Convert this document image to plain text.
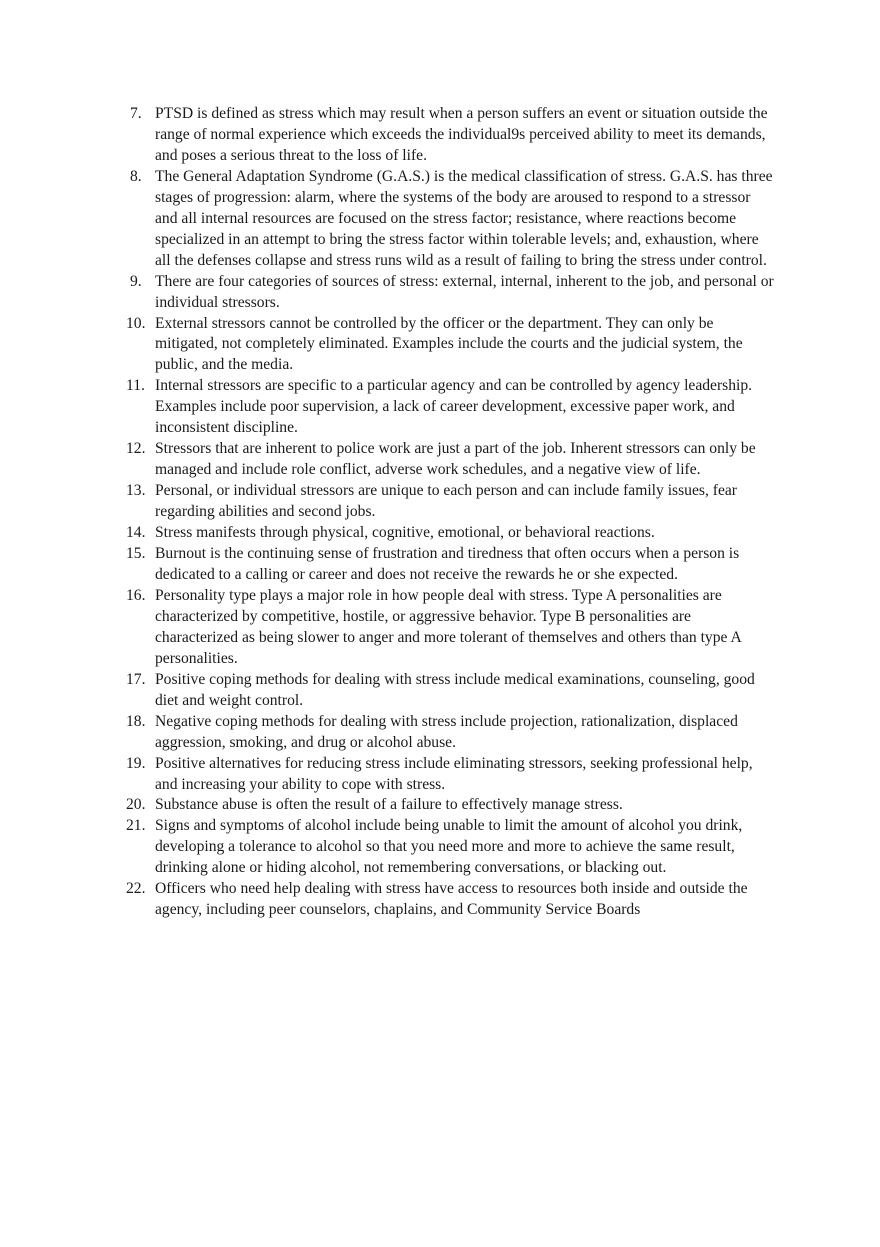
7. PTSD is defined as stress which may result when a person suffers an event or situation outside the range of normal experience which exceeds the individual9s perceived ability to meet its demands, and poses a serious threat to the loss of life.
8. The General Adaptation Syndrome (G.A.S.) is the medical classification of stress. G.A.S. has three stages of progression: alarm, where the systems of the body are aroused to respond to a stressor and all internal resources are focused on the stress factor; resistance, where reactions become specialized in an attempt to bring the stress factor within tolerable levels; and, exhaustion, where all the defenses collapse and stress runs wild as a result of failing to bring the stress under control.
9. There are four categories of sources of stress: external, internal, inherent to the job, and personal or individual stressors.
10. External stressors cannot be controlled by the officer or the department. They can only be mitigated, not completely eliminated. Examples include the courts and the judicial system, the public, and the media.
11. Internal stressors are specific to a particular agency and can be controlled by agency leadership. Examples include poor supervision, a lack of career development, excessive paper work, and inconsistent discipline.
12. Stressors that are inherent to police work are just a part of the job. Inherent stressors can only be managed and include role conflict, adverse work schedules, and a negative view of life.
13. Personal, or individual stressors are unique to each person and can include family issues, fear regarding abilities and second jobs.
14. Stress manifests through physical, cognitive, emotional, or behavioral reactions.
15. Burnout is the continuing sense of frustration and tiredness that often occurs when a person is dedicated to a calling or career and does not receive the rewards he or she expected.
16. Personality type plays a major role in how people deal with stress. Type A personalities are characterized by competitive, hostile, or aggressive behavior. Type B personalities are characterized as being slower to anger and more tolerant of themselves and others than type A personalities.
17. Positive coping methods for dealing with stress include medical examinations, counseling, good diet and weight control.
18. Negative coping methods for dealing with stress include projection, rationalization, displaced aggression, smoking, and drug or alcohol abuse.
19. Positive alternatives for reducing stress include eliminating stressors, seeking professional help, and increasing your ability to cope with stress.
20. Substance abuse is often the result of a failure to effectively manage stress.
21. Signs and symptoms of alcohol include being unable to limit the amount of alcohol you drink, developing a tolerance to alcohol so that you need more and more to achieve the same result, drinking alone or hiding alcohol, not remembering conversations, or blacking out.
22. Officers who need help dealing with stress have access to resources both inside and outside the agency, including peer counselors, chaplains, and Community Service Boards
